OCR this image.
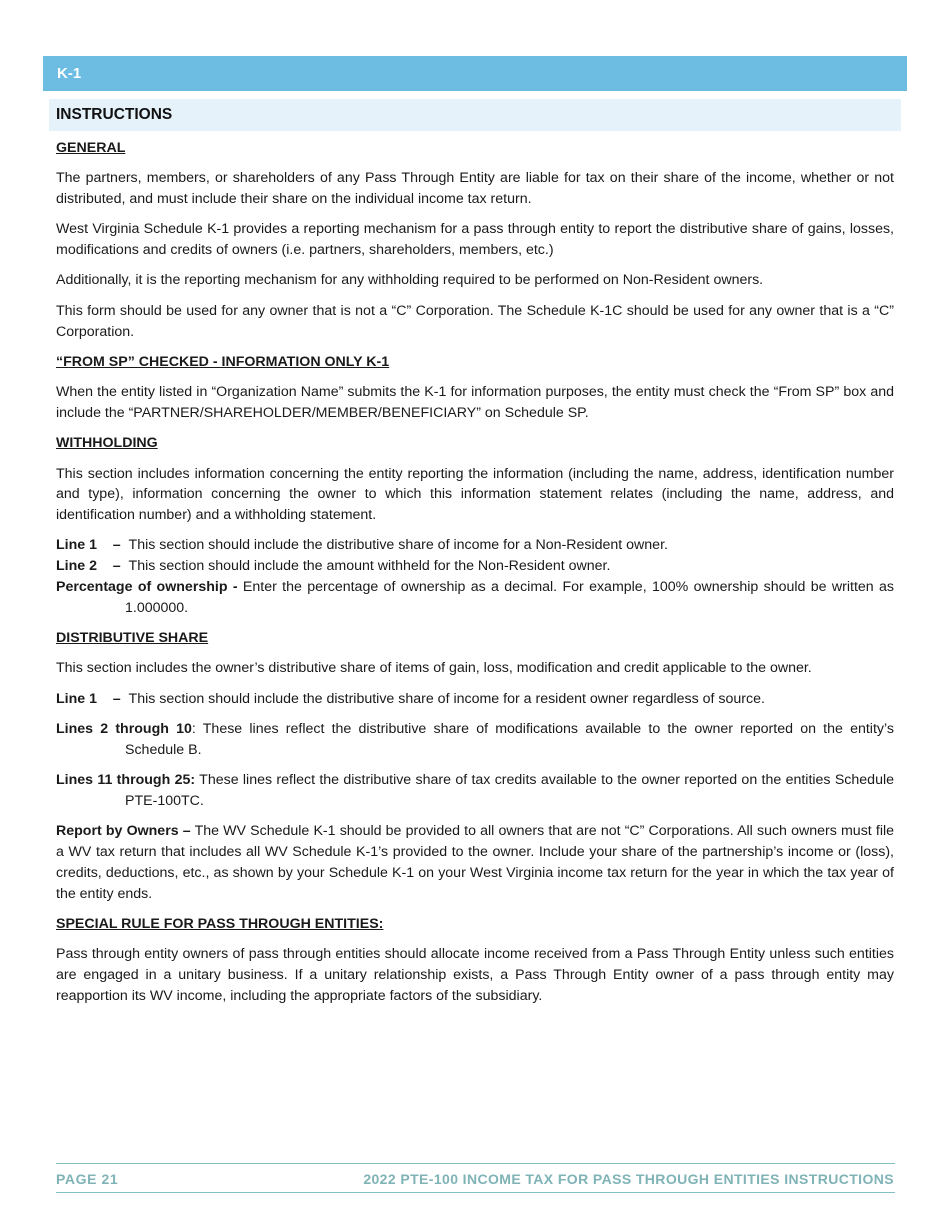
K-1
INSTRUCTIONS
GENERAL

The partners, members, or shareholders of any Pass Through Entity are liable for tax on their share of the income, whether or not distributed, and must include their share on the individual income tax return.

West Virginia Schedule K-1 provides a reporting mechanism for a pass through entity to report the distributive share of gains, losses, modifications and credits of owners (i.e. partners, shareholders, members, etc.)

Additionally, it is the reporting mechanism for any withholding required to be performed on Non-Resident owners.

This form should be used for any owner that is not a “C” Corporation. The Schedule K-1C should be used for any owner that is a “C” Corporation.

“FROM SP” CHECKED - INFORMATION ONLY K-1

When the entity listed in “Organization Name” submits the K-1 for information purposes, the entity must check the “From SP” box and include the “PARTNER/SHAREHOLDER/MEMBER/BENEFICIARY” on Schedule SP.

WITHHOLDING

This section includes information concerning the entity reporting the information (including the name, address, identification number and type), information concerning the owner to which this information statement relates (including the name, address, and identification number) and a withholding statement.

Line 1    –  This section should include the distributive share of income for a Non-Resident owner.
Line 2    –  This section should include the amount withheld for the Non-Resident owner.

Percentage of ownership - Enter the percentage of ownership as a decimal. For example, 100% ownership should be written as 1.000000.

DISTRIBUTIVE SHARE

This section includes the owner’s distributive share of items of gain, loss, modification and credit applicable to the owner.

Line 1    –  This section should include the distributive share of income for a resident owner regardless of source.

Lines 2 through 10: These lines reflect the distributive share of modifications available to the owner reported on the entity’s Schedule B.

Lines 11 through 25: These lines reflect the distributive share of tax credits available to the owner reported on the entities Schedule PTE-100TC.

Report by Owners – The WV Schedule K-1 should be provided to all owners that are not “C” Corporations. All such owners must file a WV tax return that includes all WV Schedule K-1’s provided to the owner. Include your share of the partnership’s income or (loss), credits, deductions, etc., as shown by your Schedule K-1 on your West Virginia income tax return for the year in which the tax year of the entity ends.

SPECIAL RULE FOR PASS THROUGH ENTITIES:

Pass through entity owners of pass through entities should allocate income received from a Pass Through Entity unless such entities are engaged in a unitary business. If a unitary relationship exists, a Pass Through Entity owner of a pass through entity may reapportion its WV income, including the appropriate factors of the subsidiary.

PAGE 21	2022 PTE-100 INCOME TAX FOR PASS THROUGH ENTITIES INSTRUCTIONS
